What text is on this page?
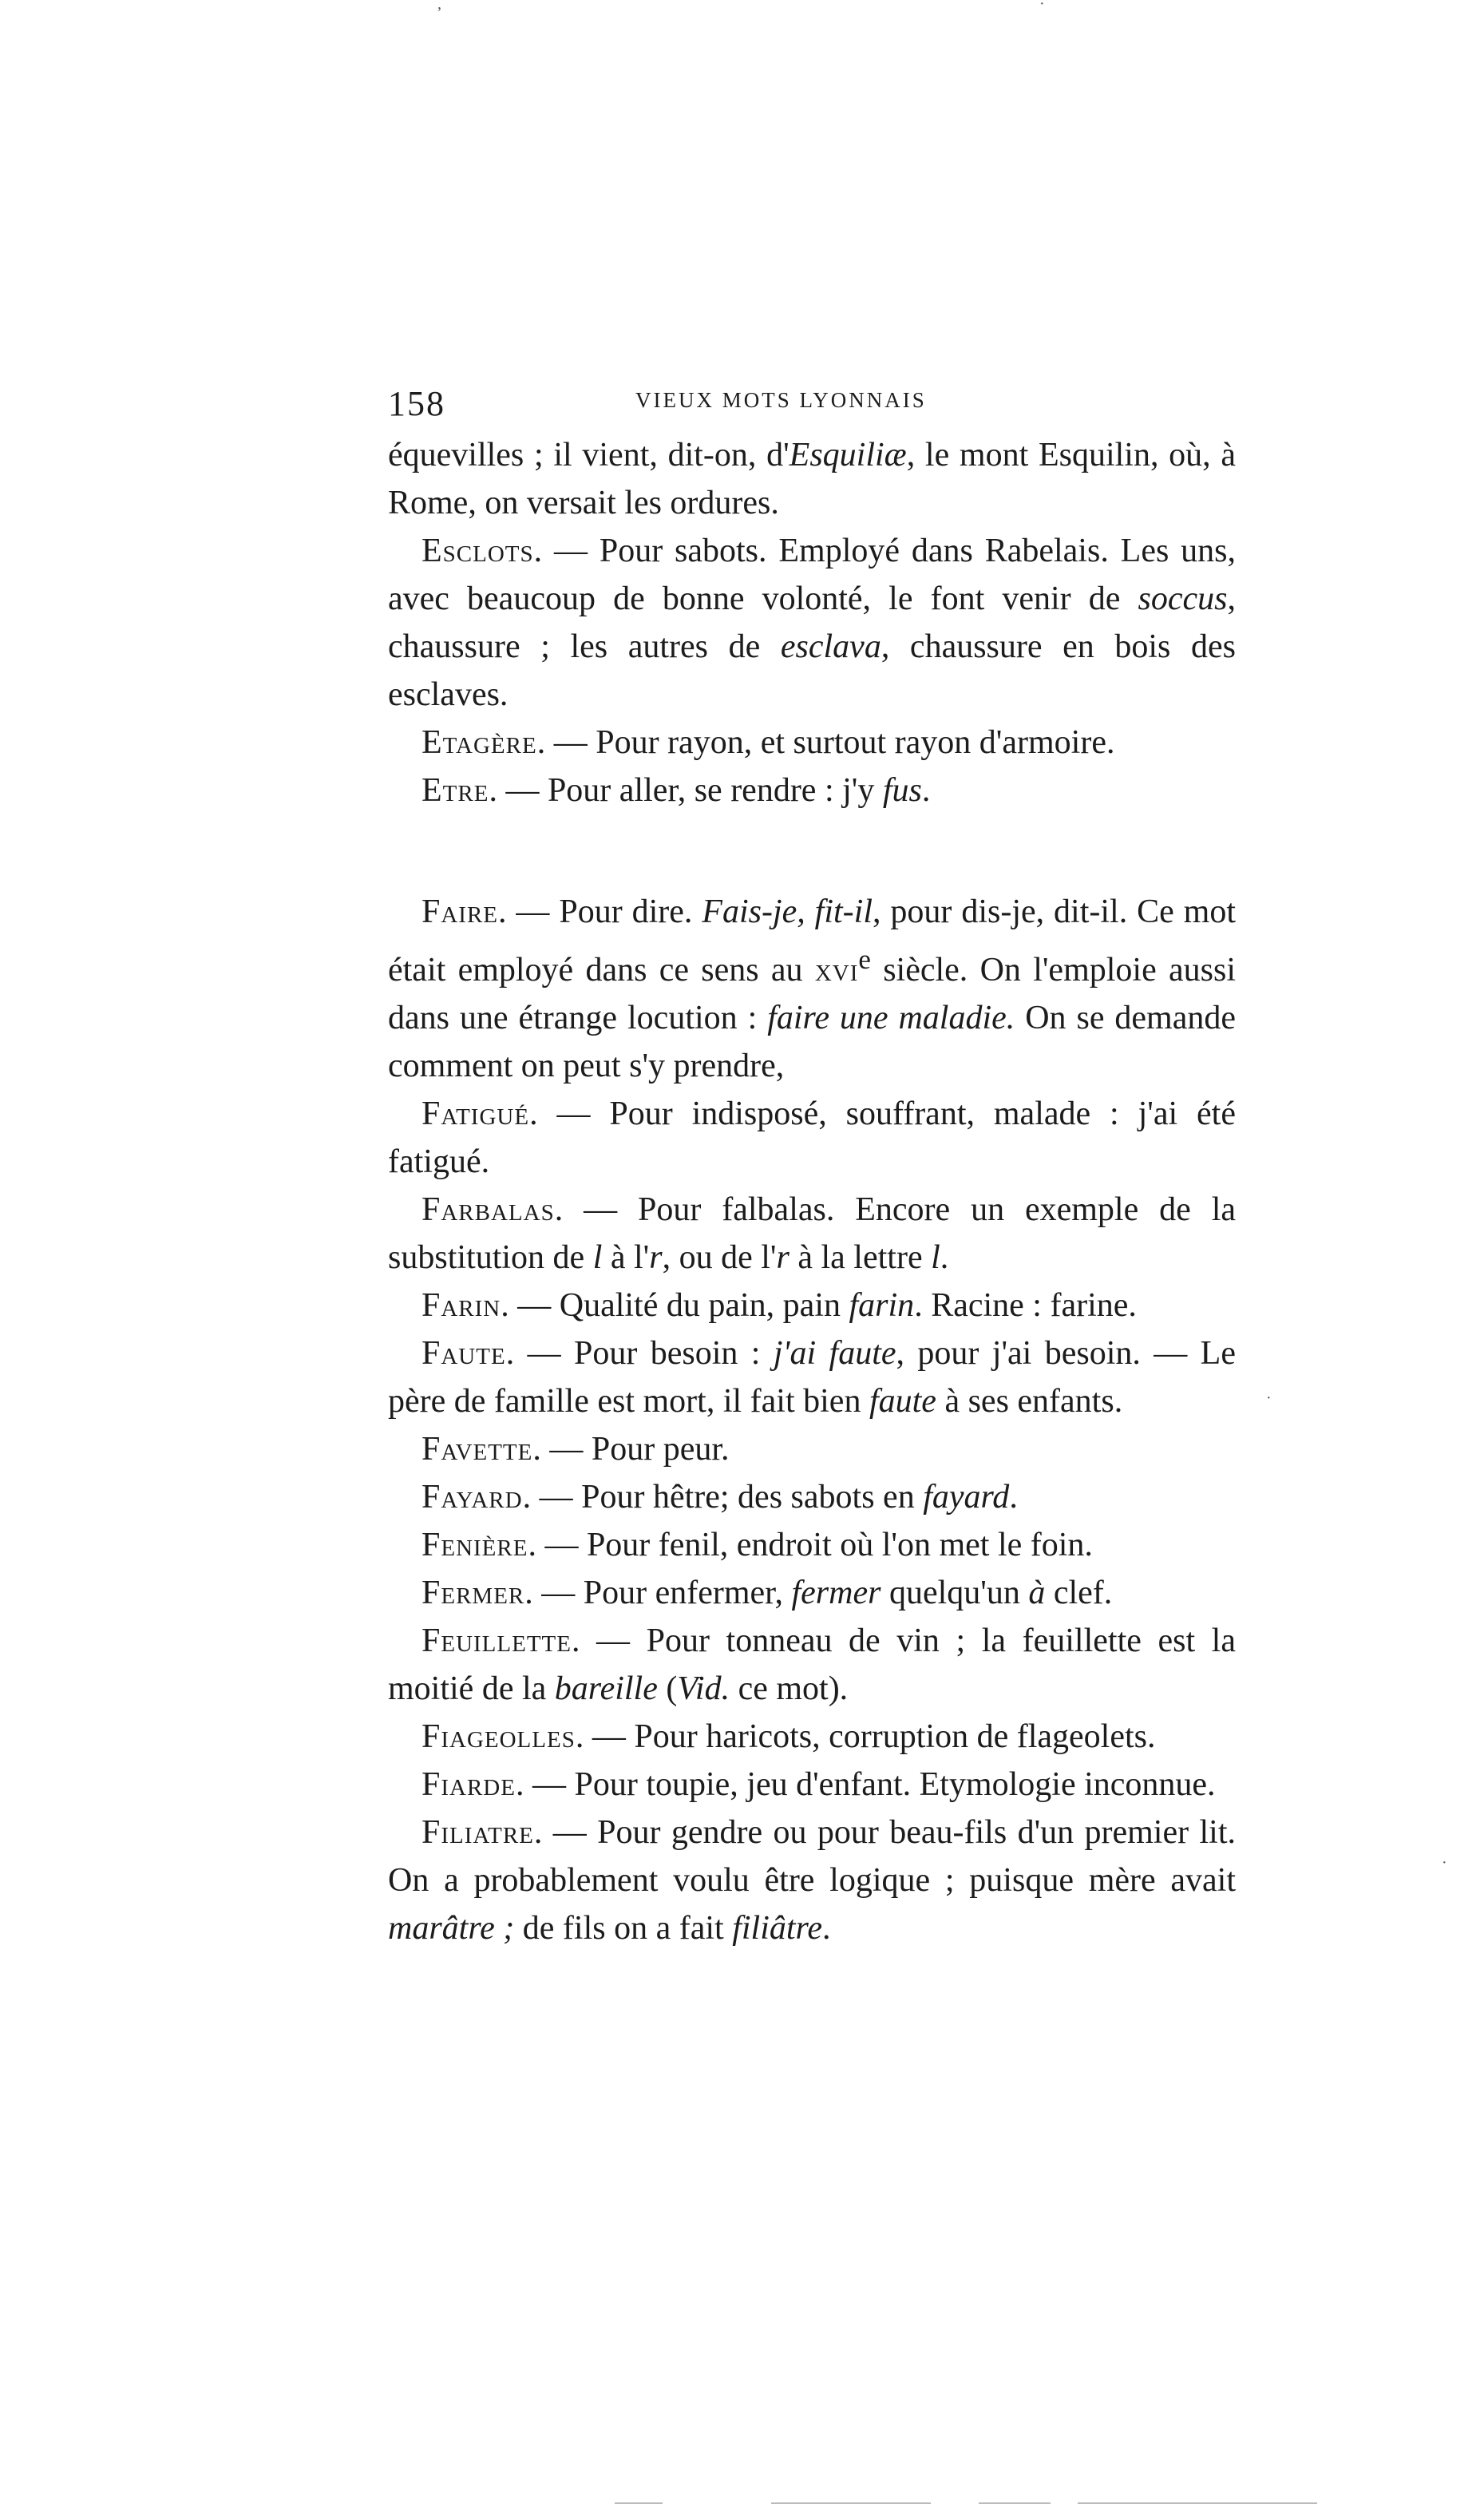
158	VIEUX MOTS LYONNAIS

équevilles ; il vient, dit-on, d'Esquiliæ, le mont Esquilin, où, à Rome, on versait les ordures.

Esclots. — Pour sabots. Employé dans Rabelais. Les uns, avec beaucoup de bonne volonté, le font venir de soccus, chaussure ; les autres de esclava, chaussure en bois des esclaves.

Etagère. — Pour rayon, et surtout rayon d'armoire.

Etre. — Pour aller, se rendre : j'y fus.

Faire. — Pour dire. Fais-je, fit-il, pour dis-je, dit-il. Ce mot était employé dans ce sens au xvi$^e$ siècle. On l'emploie aussi dans une étrange locution : faire une maladie. On se demande comment on peut s'y prendre,

Fatigué. — Pour indisposé, souffrant, malade : j'ai été fatigué.

Farbalas. — Pour falbalas. Encore un exemple de la substitution de l à l'r, ou de l'r à la lettre l.

Farin. — Qualité du pain, pain farin. Racine : farine.

Faute. — Pour besoin : j'ai faute, pour j'ai besoin. — Le père de famille est mort, il fait bien faute à ses enfants.

Favette. — Pour peur.

Fayard. — Pour hêtre; des sabots en fayard.

Fenière. — Pour fenil, endroit où l'on met le foin.

Fermer. — Pour enfermer, fermer quelqu'un à clef.

Feuillette. — Pour tonneau de vin ; la feuillette est la moitié de la bareille (Vid. ce mot).

Fiageolles. — Pour haricots, corruption de flageolets.

Fiarde. — Pour toupie, jeu d'enfant. Etymologie inconnue.

Filiatre. — Pour gendre ou pour beau-fils d'un premier lit. On a probablement voulu être logique ; puisque mère avait marâtre ; de fils on a fait filiâtre.

,	·
·
·
